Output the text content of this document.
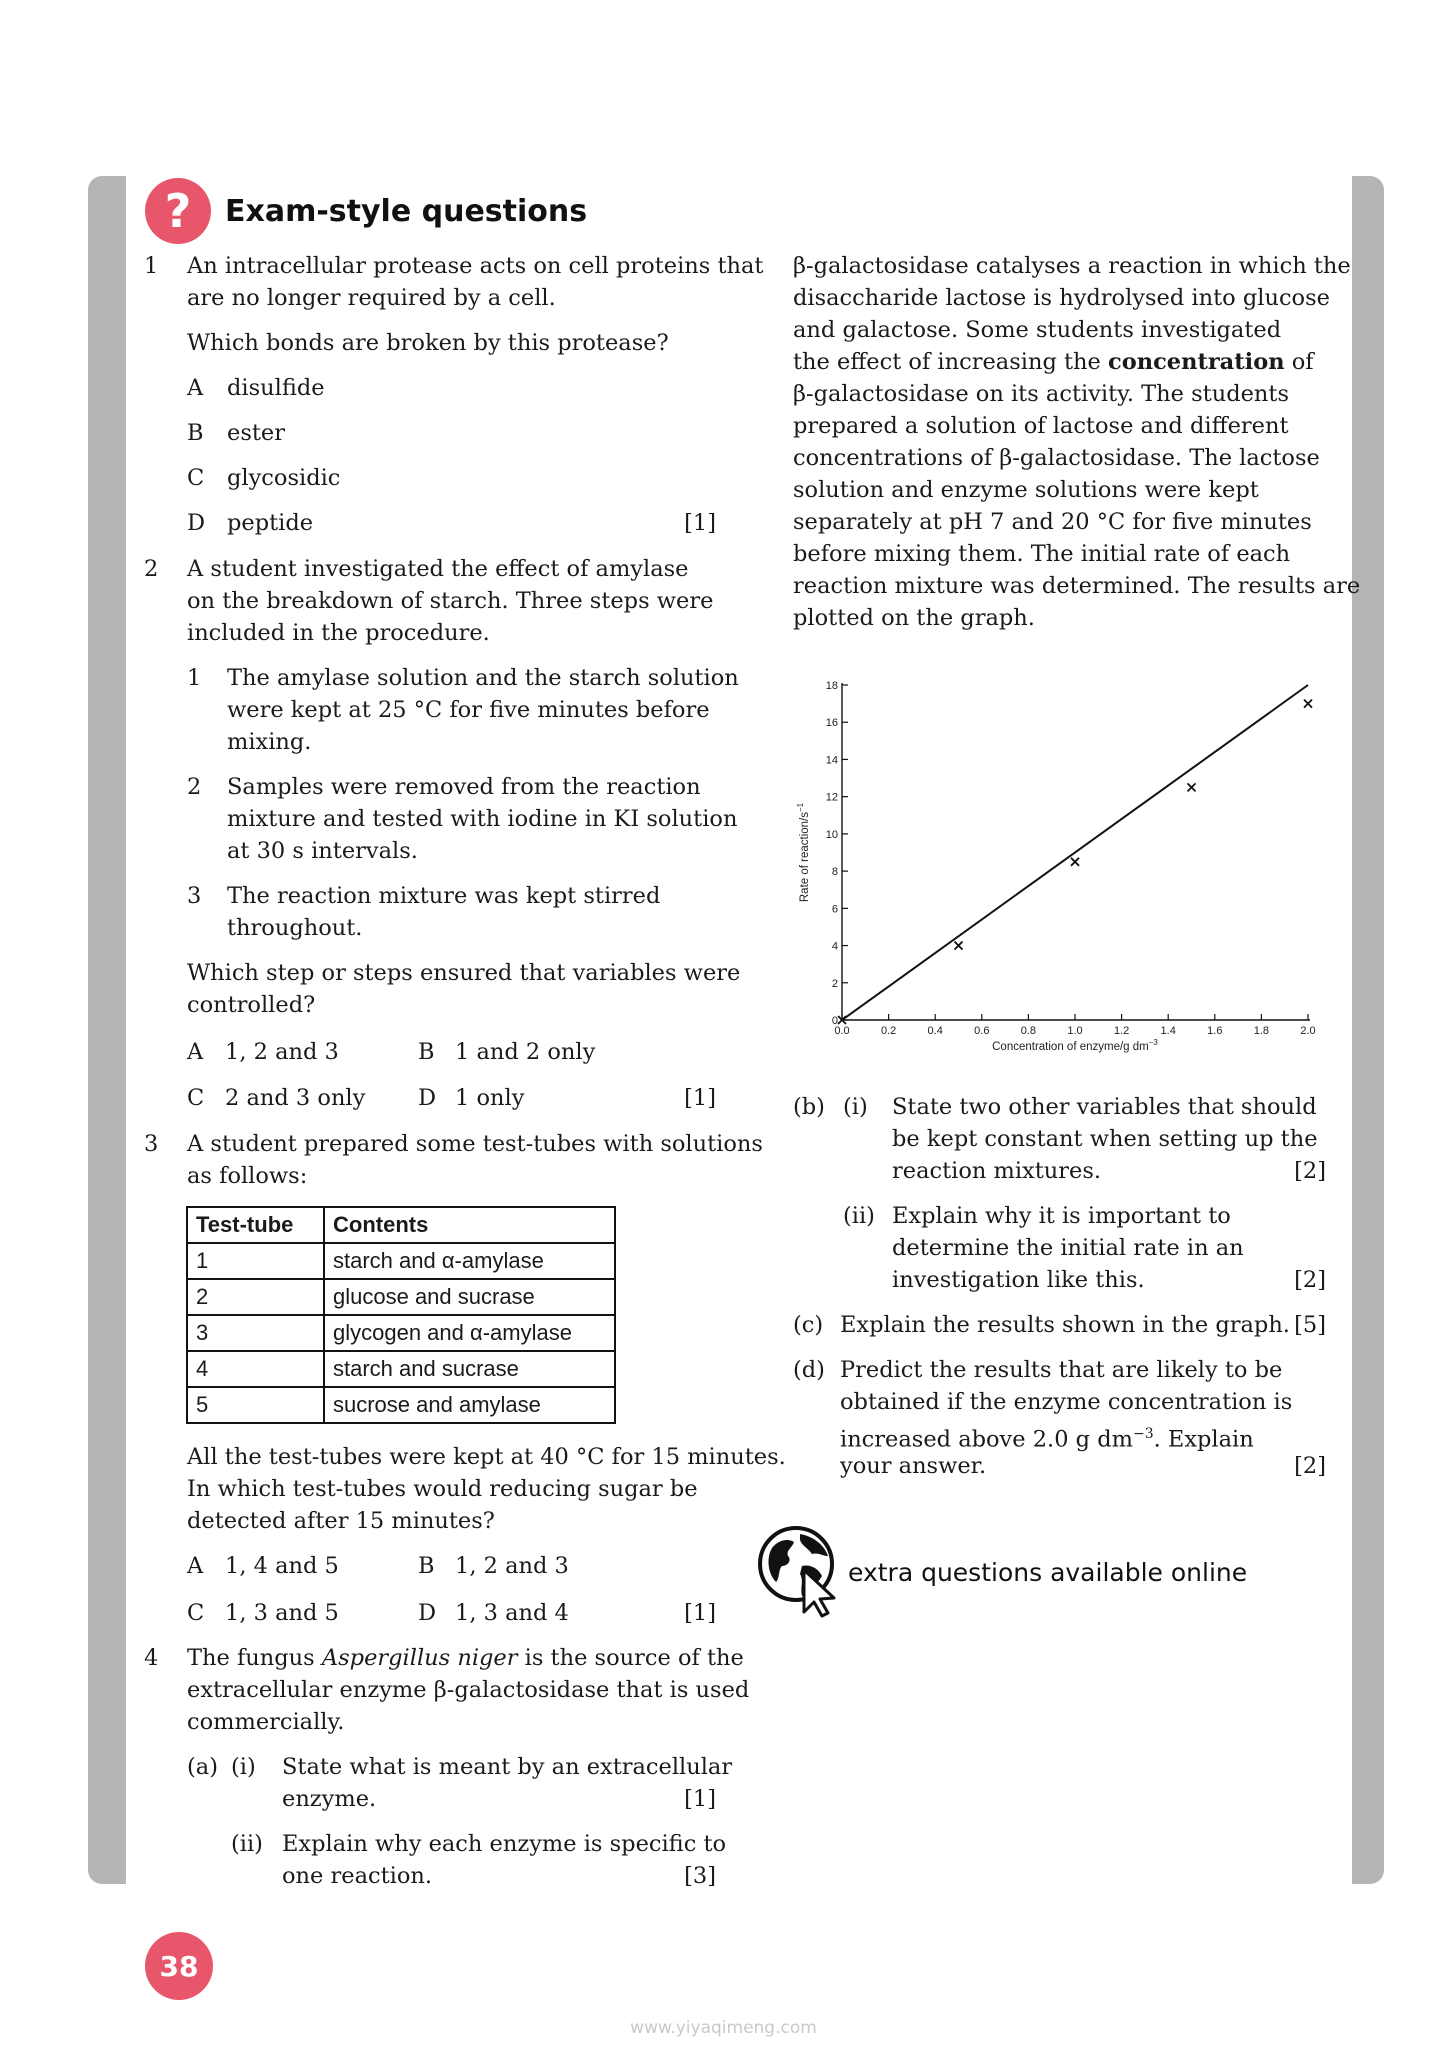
?	Exam-style questions
1 An intracellular protease acts on cell proteins that
are no longer required by a cell.
Which bonds are broken by this protease?
A disulfide
B ester
C glycosidic
D peptide	[1]
2 A student investigated the effect of amylase
on the breakdown of starch. Three steps were
included in the procedure.
1 The amylase solution and the starch solution
were kept at 25 °C for five minutes before
mixing.
2 Samples were removed from the reaction
mixture and tested with iodine in KI solution
at 30 s intervals.
3 The reaction mixture was kept stirred
throughout.
Which step or steps ensured that variables were
controlled?
A 1, 2 and 3	B 1 and 2 only
C 2 and 3 only D 1 only	[1]
3 A student prepared some test-tubes with solutions
as follows:
Test-tube	Contents
1	starch and α-amylase
2	glucose and sucrase
3	glycogen and α-amylase
4	starch and sucrase
5	sucrose and amylase
All the test-tubes were kept at 40 °C for 15 minutes.
In which test-tubes would reducing sugar be
detected after 15 minutes?
A 1, 4 and 5	B 1, 2 and 3
C 1, 3 and 5	D 1, 3 and 4	[1]
4 The fungus Aspergillus niger is the source of the
extracellular enzyme β-galactosidase that is used
commercially.
(a) (i) State what is meant by an extracellular
enzyme.	[1]
(ii) Explain why each enzyme is specific to
one reaction.	[3]
β-galactosidase catalyses a reaction in which the
disaccharide lactose is hydrolysed into glucose
and galactose. Some students investigated
the effect of increasing the concentration of
β-galactosidase on its activity. The students
prepared a solution of lactose and different
concentrations of β-galactosidase. The lactose
solution and enzyme solutions were kept
separately at pH 7 and 20 °C for five minutes
before mixing them. The initial rate of each
reaction mixture was determined. The results are
plotted on the graph.
0
2
4
6
8
10
12
14
16
18
0.0	0.2	0.4	0.6	0.8	1.0	1.2	1.4	1.6	1.8	2.0
Concentration of enzyme/g $dm^{-3}$
Rate of reaction/$s^{-1}$
(b) (i) State two other variables that should
be kept constant when setting up the
reaction mixtures.	[2]
(ii) Explain why it is important to
determine the initial rate in an
investigation like this.	[2]
(c) Explain the results shown in the graph. [5]
(d) Predict the results that are likely to be
obtained if the enzyme concentration is
increased above 2.0 g $dm^{-3}$. Explain
your answer.	[2]
extra questions available online
38
www.yiyaqimeng.com
